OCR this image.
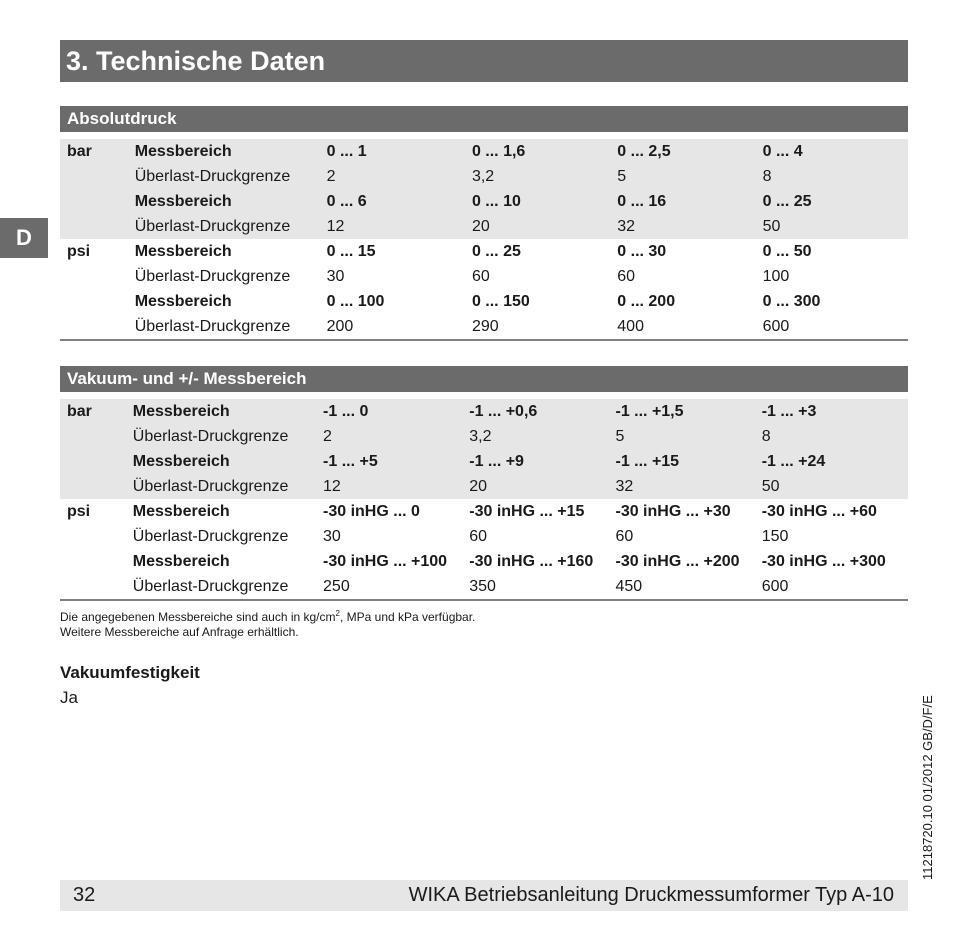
3. Technische Daten
D
Absolutdruck
bar	Messbereich	0 ... 1	0 ... 1,6	0 ... 2,5	0 ... 4
	Überlast-Druckgrenze	2	3,2	5	8
	Messbereich	0 ... 6	0 ... 10	0 ... 16	0 ... 25
	Überlast-Druckgrenze	12	20	32	50
psi	Messbereich	0 ... 15	0 ... 25	0 ... 30	0 ... 50
	Überlast-Druckgrenze	30	60	60	100
	Messbereich	0 ... 100	0 ... 150	0 ... 200	0 ... 300
	Überlast-Druckgrenze	200	290	400	600
Vakuum- und +/- Messbereich
bar	Messbereich	-1 ... 0	-1 ... +0,6	-1 ... +1,5	-1 ... +3
	Überlast-Druckgrenze	2	3,2	5	8
	Messbereich	-1 ... +5	-1 ... +9	-1 ... +15	-1 ... +24
	Überlast-Druckgrenze	12	20	32	50
psi	Messbereich	-30 inHG ... 0	-30 inHG ... +15	-30 inHG ... +30	-30 inHG ... +60
	Überlast-Druckgrenze	30	60	60	150
	Messbereich	-30 inHG ... +100	-30 inHG ... +160	-30 inHG ... +200	-30 inHG ... +300
	Überlast-Druckgrenze	250	350	450	600
Die angegebenen Messbereiche sind auch in $kg/cm^2$, MPa und kPa verfügbar.
Weitere Messbereiche auf Anfrage erhältlich.
Vakuumfestigkeit
Ja
32	WIKA Betriebsanleitung Druckmessumformer Typ A-10
11218720.10 01/2012 GB/D/F/E
